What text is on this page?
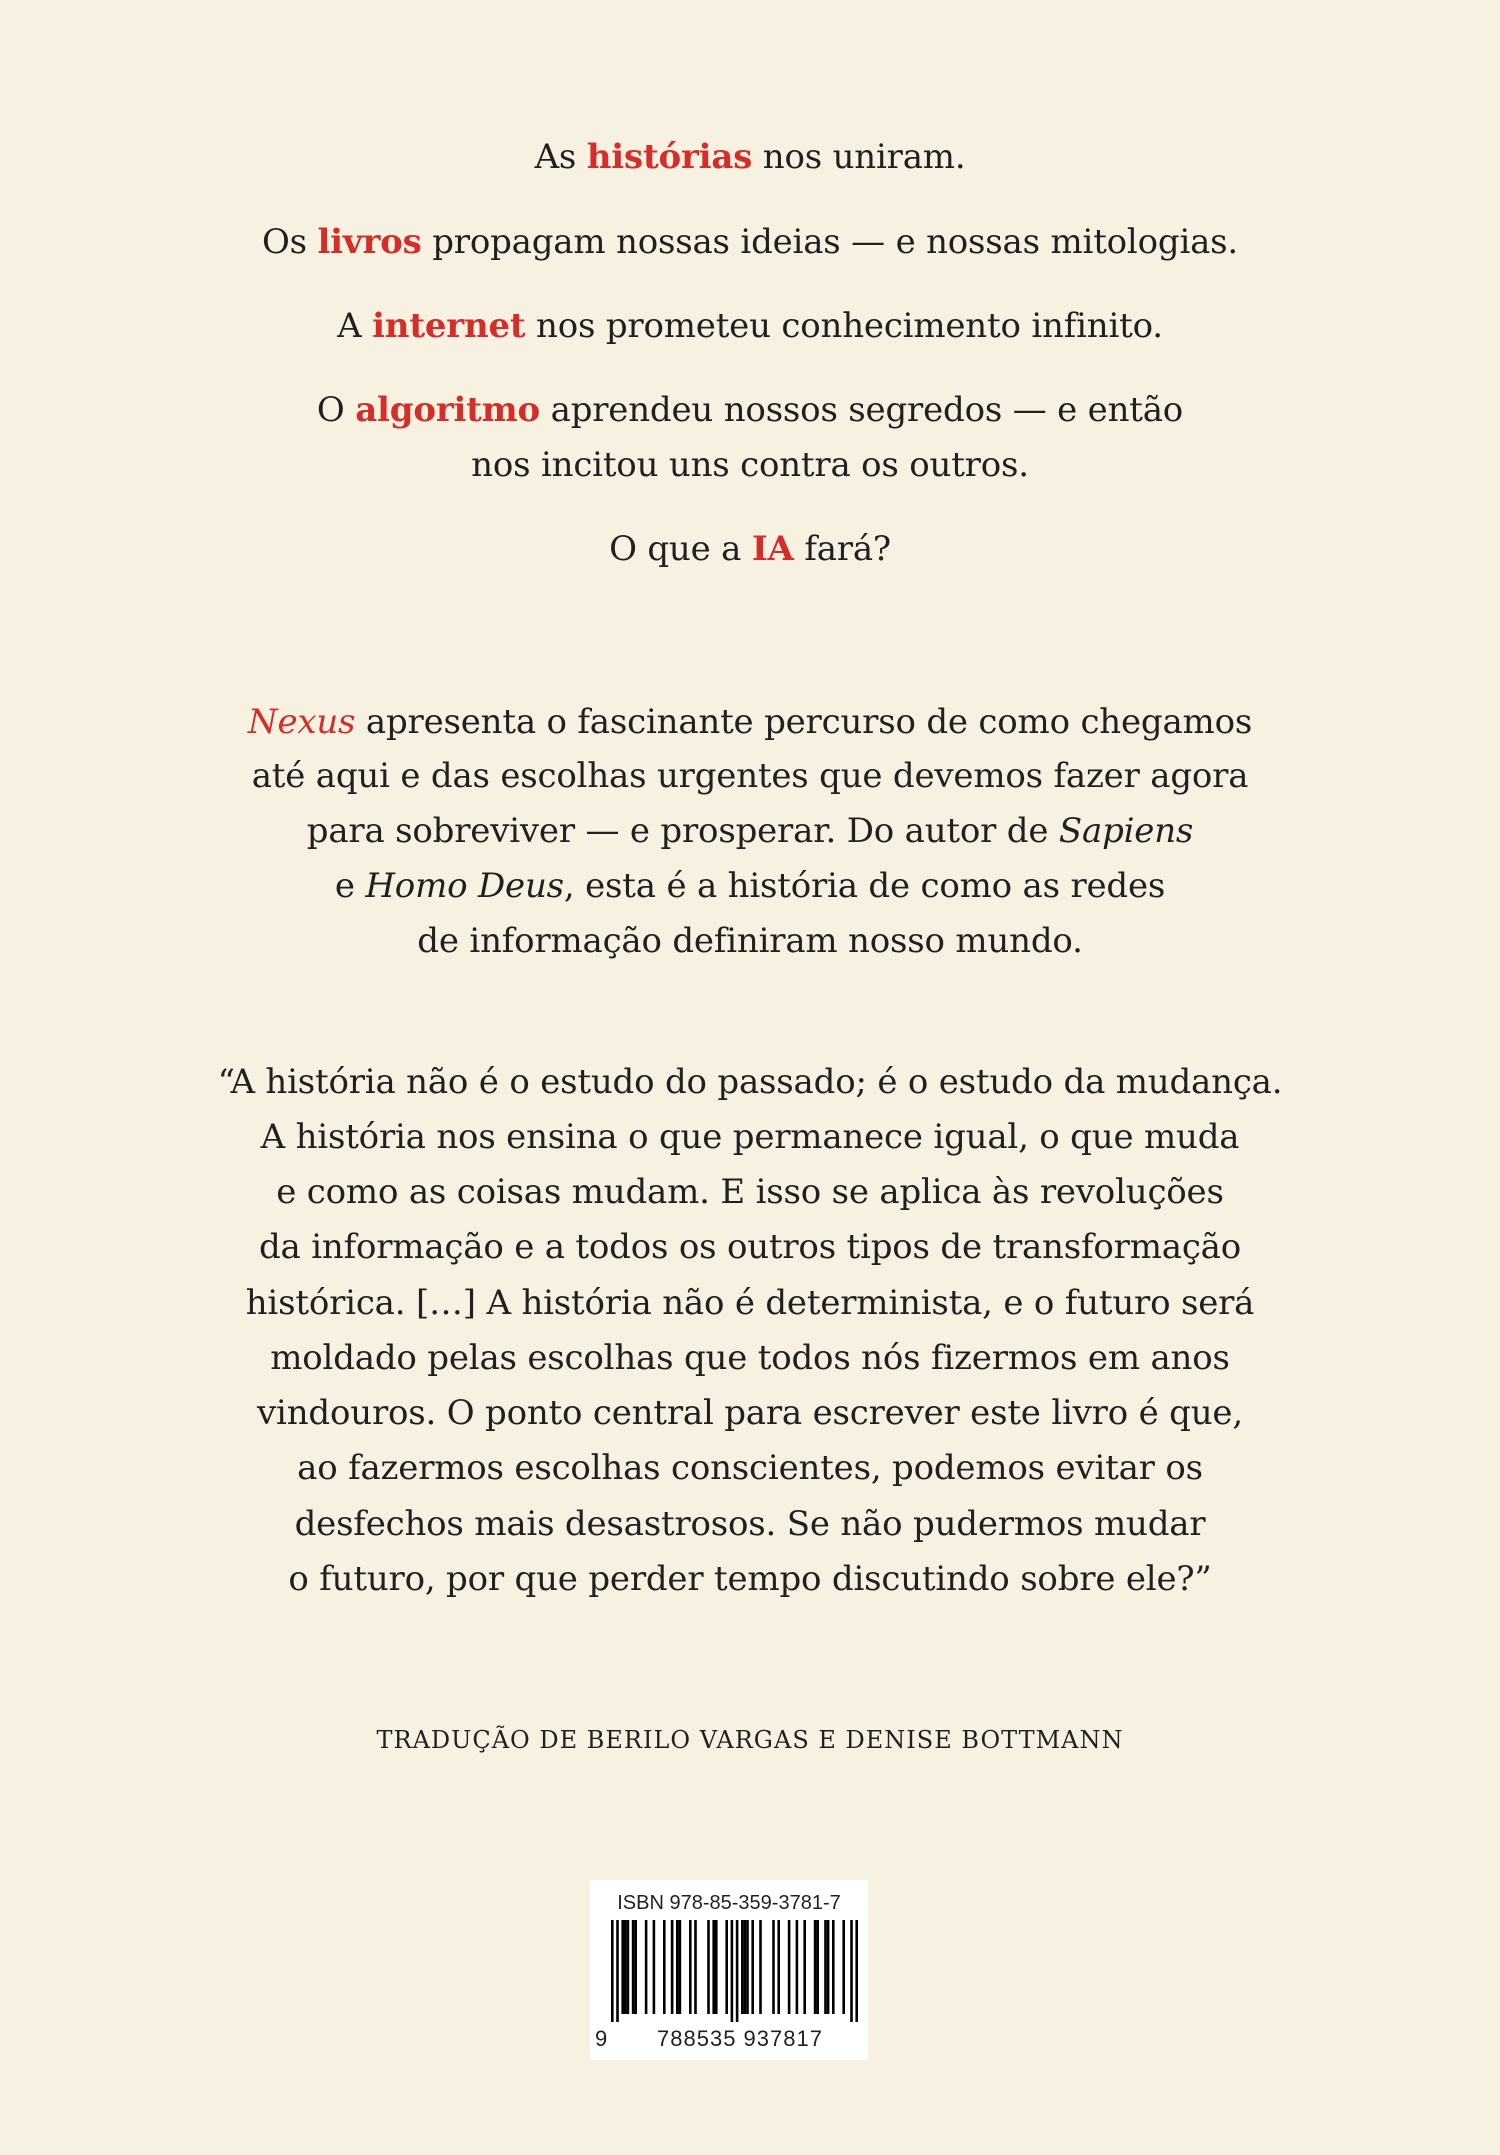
As histórias nos uniram.
Os livros propagam nossas ideias — e nossas mitologias.
A internet nos prometeu conhecimento infinito.
O algoritmo aprendeu nossos segredos — e então
nos incitou uns contra os outros.
O que a IA fará?
Nexus apresenta o fascinante percurso de como chegamos
até aqui e das escolhas urgentes que devemos fazer agora
para sobreviver — e prosperar. Do autor de Sapiens
e Homo Deus, esta é a história de como as redes
de informação definiram nosso mundo.
“A história não é o estudo do passado; é o estudo da mudança.
A história nos ensina o que permanece igual, o que muda
e como as coisas mudam. E isso se aplica às revoluções
da informação e a todos os outros tipos de transformação
histórica. […] A história não é determinista, e o futuro será
moldado pelas escolhas que todos nós fizermos em anos
vindouros. O ponto central para escrever este livro é que,
ao fazermos escolhas conscientes, podemos evitar os
desfechos mais desastrosos. Se não pudermos mudar
o futuro, por que perder tempo discutindo sobre ele?”
TRADUÇÃO DE BERILO VARGAS E DENISE BOTTMANN
ISBN 978-85-359-3781-7
9	788535 937817
